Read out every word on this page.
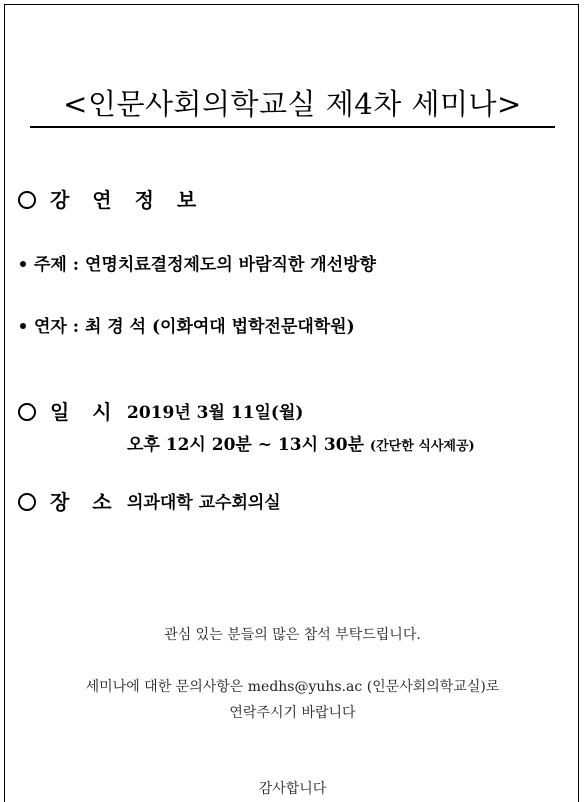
<인문사회의학교실 제4차 세미나>
강 연 정 보
주제 : 연명치료결정제도의 바람직한 개선방향
연자 : 최 경 석 (이화여대 법학전문대학원)
일 시 2019년 3월 11일(월)
오후 12시 20분 ~ 13시 30분 (간단한 식사제공)
장 소 의과대학 교수회의실
관심 있는 분들의 많은 참석 부탁드립니다.
세미나에 대한 문의사항은 medhs@yuhs.ac (인문사회의학교실)로
연락주시기 바랍니다
감사합니다
